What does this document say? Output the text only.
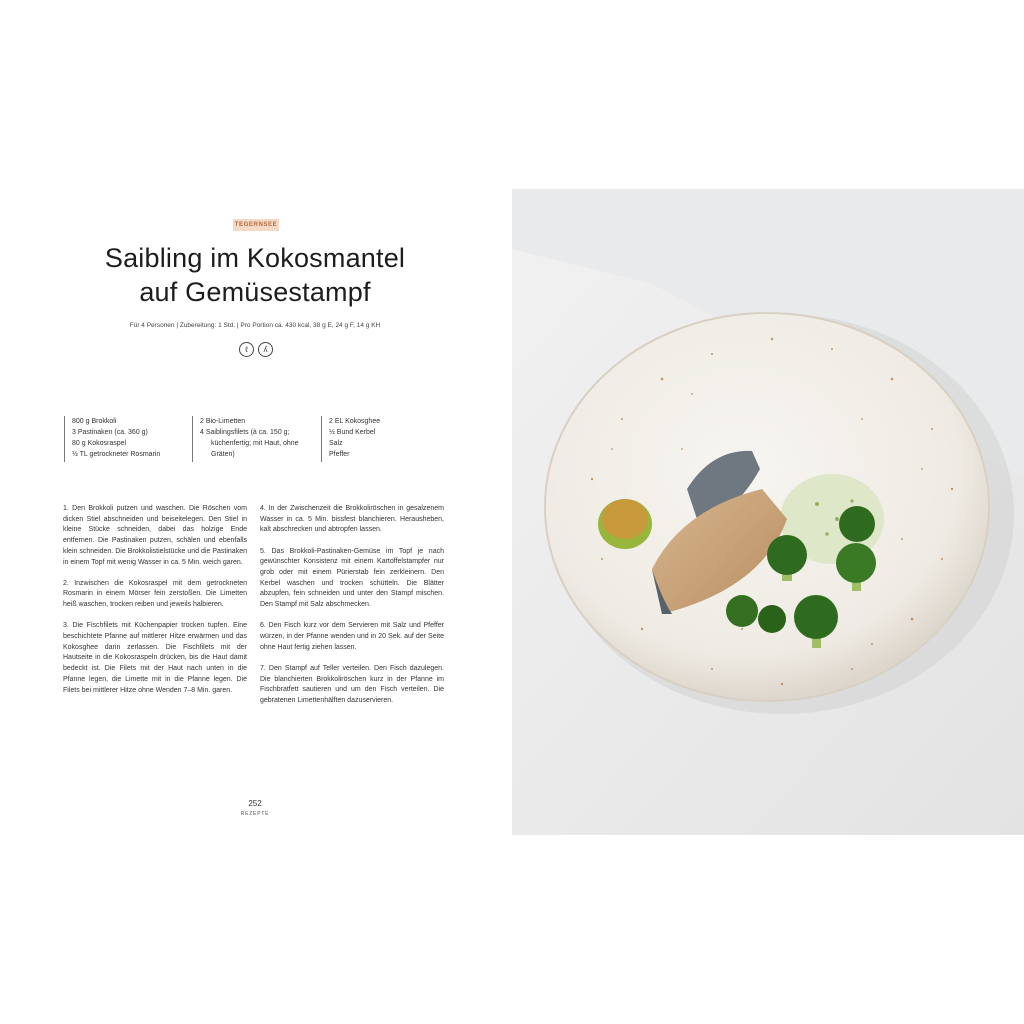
TEGERNSEE
Saibling im Kokosmantel
auf Gemüsestampf
Für 4 Personen | Zubereitung: 1 Std. | Pro Portion ca. 430 kcal, 38 g E, 24 g F, 14 g KH
ℓ	ʎ
800 g Brokkoli
3 Pastinaken (ca. 360 g)
80 g Kokosraspel
½ TL getrockneter Rosmarin
2 Bio-Limetten
4 Saiblingsfilets (à ca. 150 g;
küchenfertig; mit Haut, ohne
Gräten)
2 EL Kokosghee
½ Bund Kerbel
Salz
Pfeffer

1. Den Brokkoli putzen und waschen. Die Röschen vom dicken Stiel abschneiden und beiseitelegen. Den Stiel in kleine Stücke schneiden, dabei das holzige Ende entfernen. Die Pastinaken putzen, schälen und ebenfalls klein schneiden. Die Brokkolistielstücke und die Pastinaken in einem Topf mit wenig Wasser in ca. 5 Min. weich garen.

2. Inzwischen die Kokosraspel mit dem getrockneten Rosmarin in einem Mörser fein zerstoßen. Die Limetten heiß waschen, trocken reiben und jeweils halbieren.

3. Die Fischfilets mit Küchenpapier trocken tupfen. Eine beschichtete Pfanne auf mittlerer Hitze erwärmen und das Kokosghee darin zerlassen. Die Fischfilets mit der Hautseite in die Kokosraspeln drücken, bis die Haut damit bedeckt ist. Die Filets mit der Haut nach unten in die Pfanne legen, die Limette mit in die Pfanne legen. Die Filets bei mittlerer Hitze ohne Wenden 7–8 Min. garen.

4. In der Zwischenzeit die Brokkoliröschen in gesalzenem Wasser in ca. 5 Min. bissfest blanchieren. Herausheben, kalt abschrecken und abtropfen lassen.

5. Das Brokkoli-Pastinaken-Gemüse im Topf je nach gewünschter Konsistenz mit einem Kartoffelstampfer nur grob oder mit einem Pürierstab fein zerkleinern. Den Kerbel waschen und trocken schütteln. Die Blätter abzupfen, fein schneiden und unter den Stampf mischen. Den Stampf mit Salz abschmecken.

6. Den Fisch kurz vor dem Servieren mit Salz und Pfeffer würzen, in der Pfanne wenden und in 20 Sek. auf der Seite ohne Haut fertig ziehen lassen.

7. Den Stampf auf Teller verteilen. Den Fisch dazulegen. Die blanchierten Brokkoliröschen kurz in der Pfanne im Fischbratfett sautieren und um den Fisch verteilen. Die gebratenen Limettenhälften dazuservieren.

252
REZEPTE
